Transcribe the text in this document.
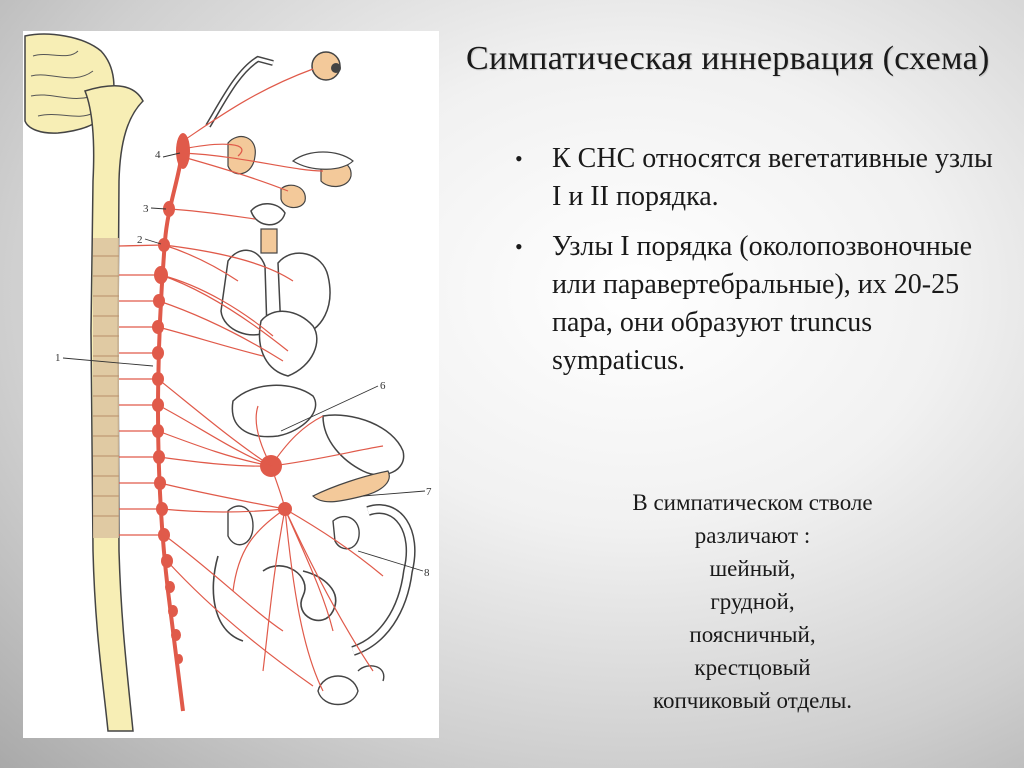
4
3
2
1
6
7
8
Симпатическая иннервация (схема)
• К СНС относятся вегетативные узлы I и II порядка.
• Узлы I порядка (околопозвоночные или паравертебральные), их 20-25 пара, они образуют truncus sympaticus.
В симпатическом стволе
различают :
шейный,
грудной,
поясничный,
крестцовый
копчиковый отделы.
